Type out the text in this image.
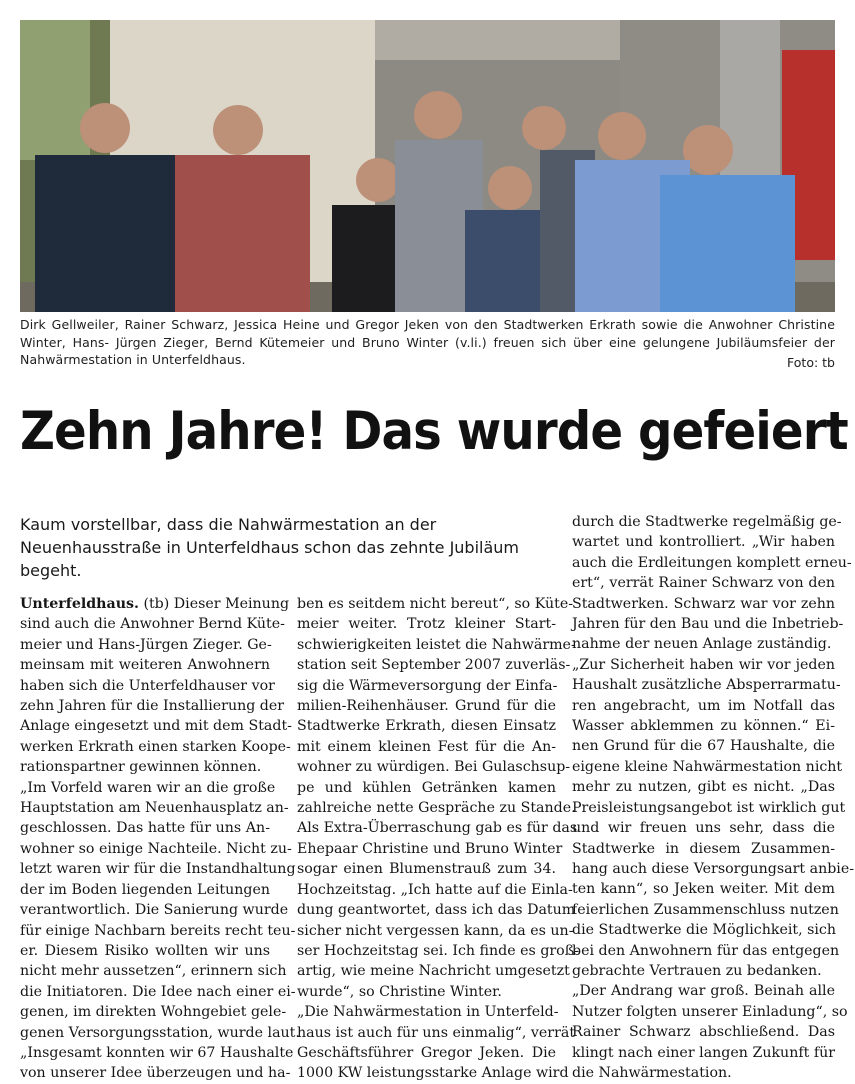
Dirk Gellweiler, Rainer Schwarz, Jessica Heine und Gregor Jeken von den Stadtwerken Erkrath sowie die Anwohner Christine Winter, Hans- Jürgen Zieger, Bernd Kütemeier und Bruno Winter (v.li.) freuen sich über eine gelungene Jubiläumsfeier der Nahwärmestation in Unterfeldhaus.	Foto: tb
Zehn Jahre! Das wurde gefeiert
Kaum vorstellbar, dass die Nahwärmestation an der Neuenhausstraße in Unterfeldhaus schon das zehnte Jubiläum begeht.
Unterfeldhaus. (tb) Dieser Meinung
sind auch die Anwohner Bernd Küte-
meier und Hans-Jürgen Zieger. Ge-
meinsam mit weiteren Anwohnern
haben sich die Unterfeldhauser vor
zehn Jahren für die Installierung der
Anlage eingesetzt und mit dem Stadt-
werken Erkrath einen starken Koope-
rationspartner gewinnen können.
„Im Vorfeld waren wir an die große
Hauptstation am Neuenhausplatz an-
geschlossen. Das hatte für uns An-
wohner so einige Nachteile. Nicht zu-
letzt waren wir für die Instandhaltung
der im Boden liegenden Leitungen
verantwortlich. Die Sanierung wurde
für einige Nachbarn bereits recht teu-
er. Diesem Risiko wollten wir uns
nicht mehr aussetzen“, erinnern sich
die Initiatoren. Die Idee nach einer ei-
genen, im direkten Wohngebiet gele-
genen Versorgungsstation, wurde laut.
„Insgesamt konnten wir 67 Haushalte
von unserer Idee überzeugen und ha-
ben es seitdem nicht bereut“, so Küte-
meier weiter. Trotz kleiner Start-
schwierigkeiten leistet die Nahwärme-
station seit September 2007 zuverläs-
sig die Wärmeversorgung der Einfa-
milien-Reihenhäuser. Grund für die
Stadtwerke Erkrath, diesen Einsatz
mit einem kleinen Fest für die An-
wohner zu würdigen. Bei Gulaschsup-
pe und kühlen Getränken kamen
zahlreiche nette Gespräche zu Stande.
Als Extra-Überraschung gab es für das
Ehepaar Christine und Bruno Winter
sogar einen Blumenstrauß zum 34.
Hochzeitstag. „Ich hatte auf die Einla-
dung geantwortet, dass ich das Datum
sicher nicht vergessen kann, da es un-
ser Hochzeitstag sei. Ich finde es groß-
artig, wie meine Nachricht umgesetzt
wurde“, so Christine Winter.
„Die Nahwärmestation in Unterfeld-
haus ist auch für uns einmalig“, verrät
Geschäftsführer Gregor Jeken. Die
1000 KW leistungsstarke Anlage wird
durch die Stadtwerke regelmäßig ge-
wartet und kontrolliert. „Wir haben
auch die Erdleitungen komplett erneu-
ert“, verrät Rainer Schwarz von den
Stadtwerken. Schwarz war vor zehn
Jahren für den Bau und die Inbetrieb-
nahme der neuen Anlage zuständig.
„Zur Sicherheit haben wir vor jeden
Haushalt zusätzliche Absperrarmatu-
ren angebracht, um im Notfall das
Wasser abklemmen zu können.“ Ei-
nen Grund für die 67 Haushalte, die
eigene kleine Nahwärmestation nicht
mehr zu nutzen, gibt es nicht. „Das
Preisleistungsangebot ist wirklich gut
und wir freuen uns sehr, dass die
Stadtwerke in diesem Zusammen-
hang auch diese Versorgungsart anbie-
ten kann“, so Jeken weiter. Mit dem
feierlichen Zusammenschluss nutzen
die Stadtwerke die Möglichkeit, sich
bei den Anwohnern für das entgegen
gebrachte Vertrauen zu bedanken.
„Der Andrang war groß. Beinah alle
Nutzer folgten unserer Einladung“, so
Rainer Schwarz abschließend. Das
klingt nach einer langen Zukunft für
die Nahwärmestation.
